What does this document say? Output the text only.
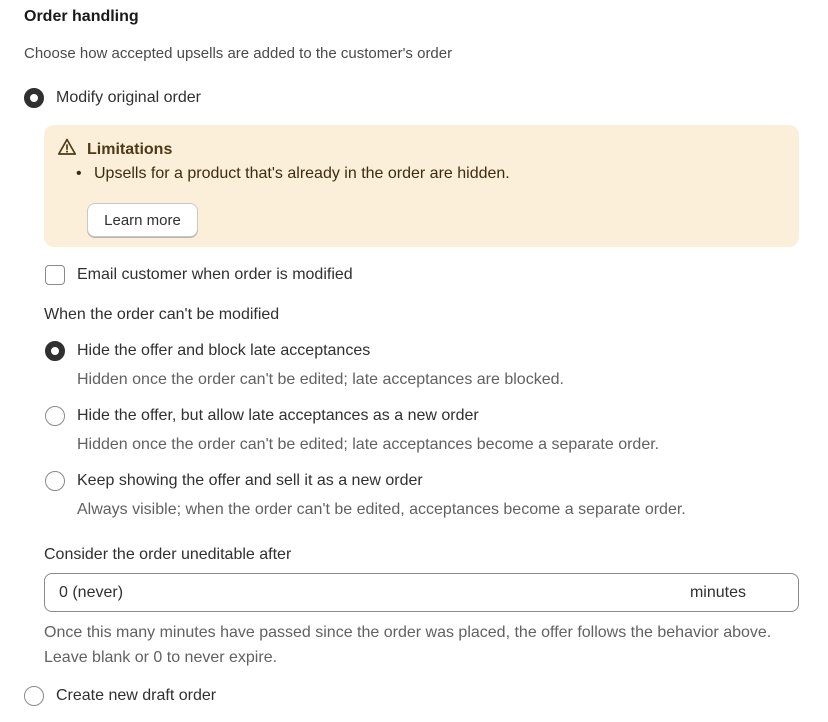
Order handling
Choose how accepted upsells are added to the customer's order
Modify original order
Limitations
• Upsells for a product that's already in the order are hidden.
Learn more
Email customer when order is modified
When the order can't be modified
Hide the offer and block late acceptances
Hidden once the order can't be edited; late acceptances are blocked.
Hide the offer, but allow late acceptances as a new order
Hidden once the order can't be edited; late acceptances become a separate order.
Keep showing the offer and sell it as a new order
Always visible; when the order can't be edited, acceptances become a separate order.
Consider the order uneditable after
0 (never)
minutes
Once this many minutes have passed since the order was placed, the offer follows the behavior above. Leave blank or 0 to never expire.
Create new draft order
